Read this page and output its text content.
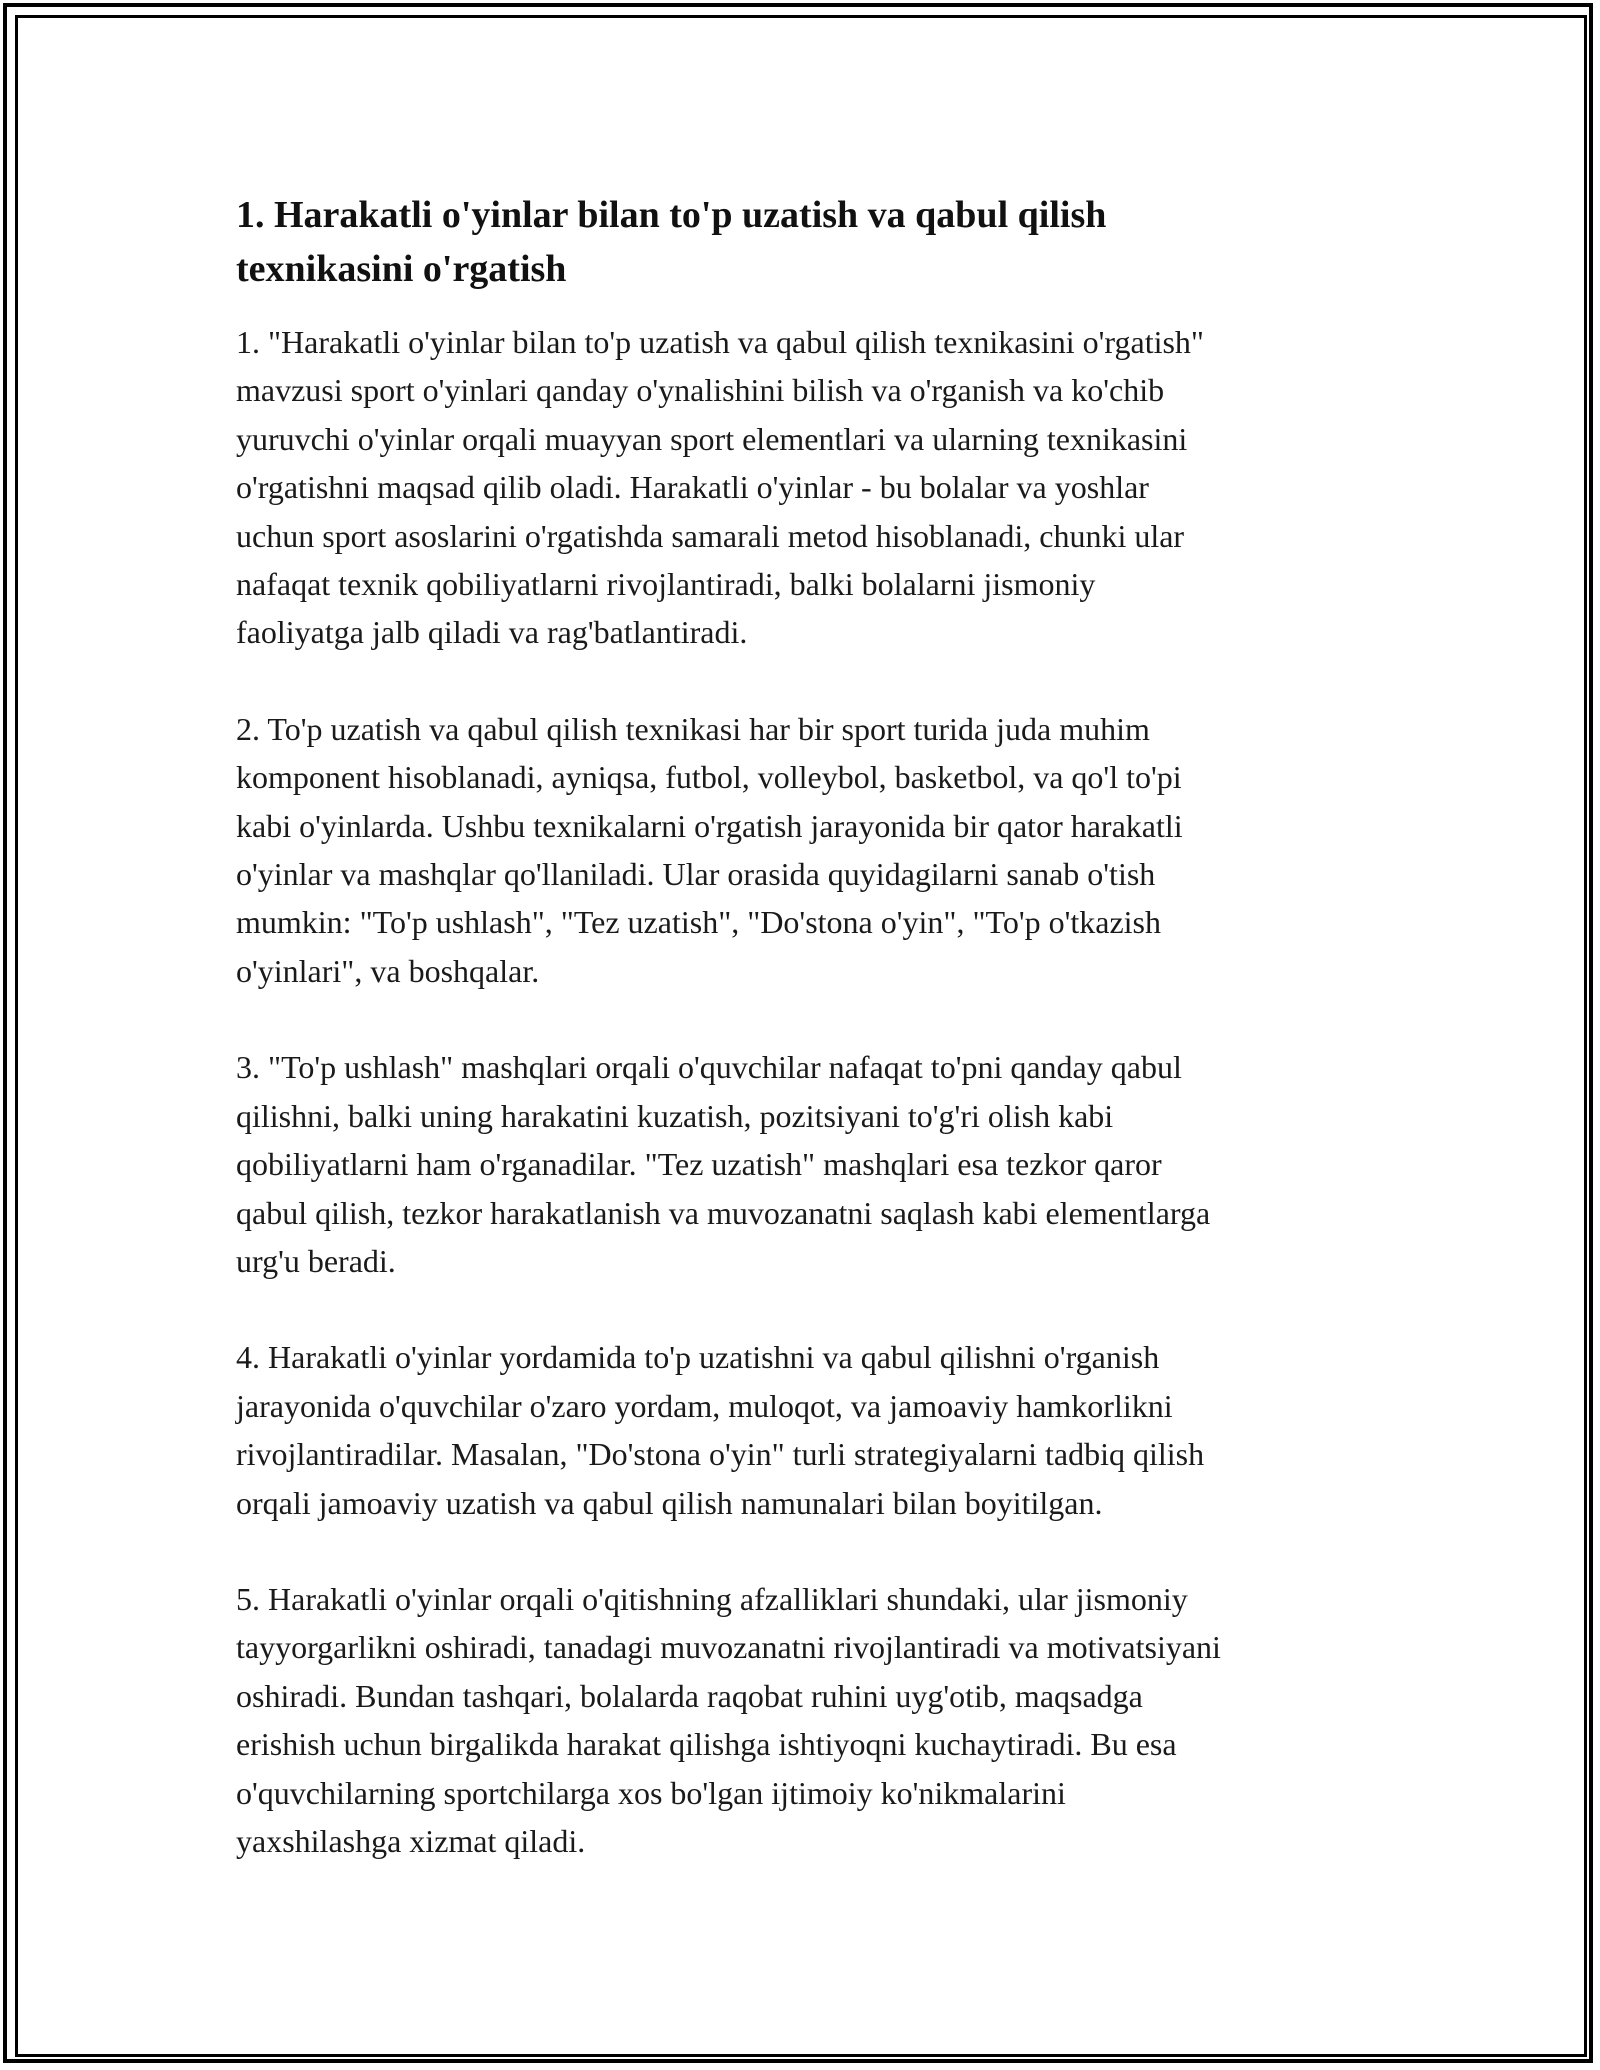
1. Harakatli o'yinlar bilan to'p uzatish va qabul qilish
texnikasini o'rgatish
1. "Harakatli o'yinlar bilan to'p uzatish va qabul qilish texnikasini o'rgatish"
mavzusi sport o'yinlari qanday o'ynalishini bilish va o'rganish va ko'chib
yuruvchi o'yinlar orqali muayyan sport elementlari va ularning texnikasini
o'rgatishni maqsad qilib oladi. Harakatli o'yinlar - bu bolalar va yoshlar
uchun sport asoslarini o'rgatishda samarali metod hisoblanadi, chunki ular
nafaqat texnik qobiliyatlarni rivojlantiradi, balki bolalarni jismoniy
faoliyatga jalb qiladi va rag'batlantiradi.
2. To'p uzatish va qabul qilish texnikasi har bir sport turida juda muhim
komponent hisoblanadi, ayniqsa, futbol, volleybol, basketbol, va qo'l to'pi
kabi o'yinlarda. Ushbu texnikalarni o'rgatish jarayonida bir qator harakatli
o'yinlar va mashqlar qo'llaniladi. Ular orasida quyidagilarni sanab o'tish
mumkin: "To'p ushlash", "Tez uzatish", "Do'stona o'yin", "To'p o'tkazish
o'yinlari", va boshqalar.
3. "To'p ushlash" mashqlari orqali o'quvchilar nafaqat to'pni qanday qabul
qilishni, balki uning harakatini kuzatish, pozitsiyani to'g'ri olish kabi
qobiliyatlarni ham o'rganadilar. "Tez uzatish" mashqlari esa tezkor qaror
qabul qilish, tezkor harakatlanish va muvozanatni saqlash kabi elementlarga
urg'u beradi.
4. Harakatli o'yinlar yordamida to'p uzatishni va qabul qilishni o'rganish
jarayonida o'quvchilar o'zaro yordam, muloqot, va jamoaviy hamkorlikni
rivojlantiradilar. Masalan, "Do'stona o'yin" turli strategiyalarni tadbiq qilish
orqali jamoaviy uzatish va qabul qilish namunalari bilan boyitilgan.
5. Harakatli o'yinlar orqali o'qitishning afzalliklari shundaki, ular jismoniy
tayyorgarlikni oshiradi, tanadagi muvozanatni rivojlantiradi va motivatsiyani
oshiradi. Bundan tashqari, bolalarda raqobat ruhini uyg'otib, maqsadga
erishish uchun birgalikda harakat qilishga ishtiyoqni kuchaytiradi. Bu esa
o'quvchilarning sportchilarga xos bo'lgan ijtimoiy ko'nikmalarini
yaxshilashga xizmat qiladi.
